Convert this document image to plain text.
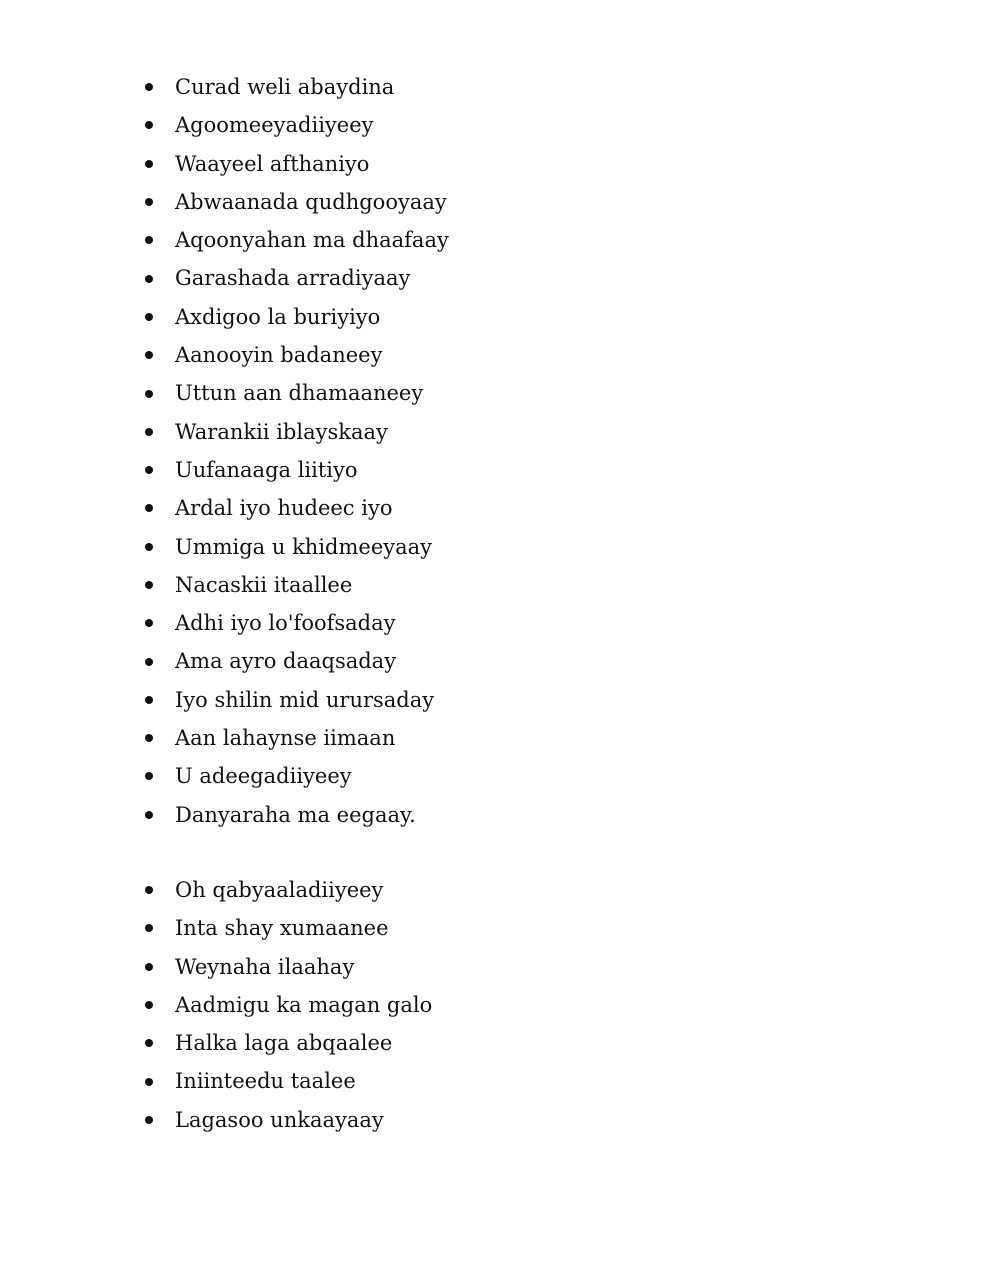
Curad weli abaydina
Agoomeeyadiiyeey
Waayeel afthaniyo
Abwaanada qudhgooyaay
Aqoonyahan ma dhaafaay
Garashada arradiyaay
Axdigoo la buriyiyo
Aanooyin badaneey
Uttun aan dhamaaneey
Warankii iblayskaay
Uufanaaga liitiyo
Ardal iyo hudeec iyo
Ummiga u khidmeeyaay
Nacaskii itaallee
Adhi iyo lo'foofsaday
Ama ayro daaqsaday
Iyo shilin mid urursaday
Aan lahaynse iimaan
U adeegadiiyeey
Danyaraha ma eegaay.
Oh qabyaaladiiyeey
Inta shay xumaanee
Weynaha ilaahay
Aadmigu ka magan galo
Halka laga abqaalee
Iniinteedu taalee
Lagasoo unkaayaay
